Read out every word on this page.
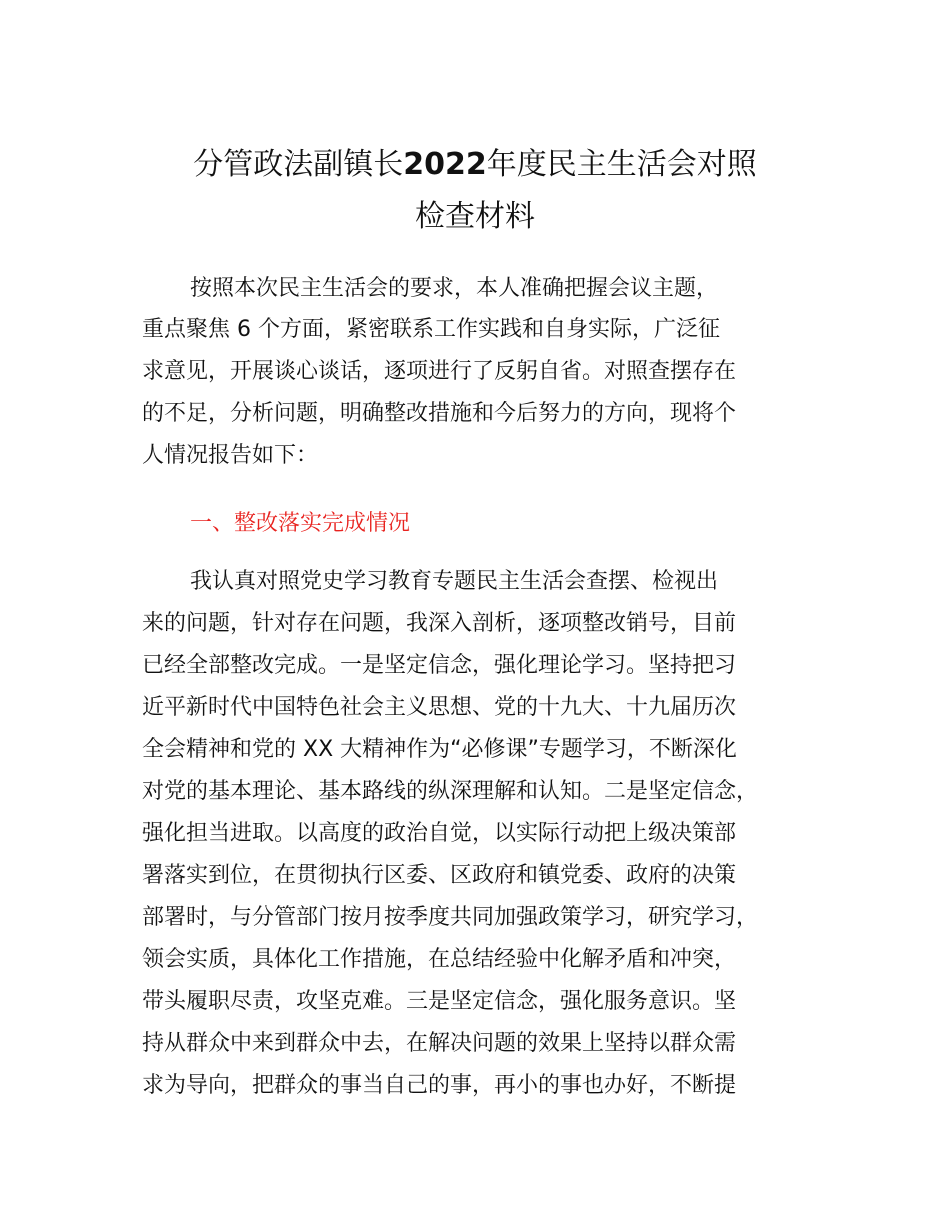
分管政法副镇长2022年度民主生活会对照
检查材料
按照本次民主生活会的要求，本人准确把握会议主题，
重点聚焦 6 个方面，紧密联系工作实践和自身实际，广泛征
求意见，开展谈心谈话，逐项进行了反躬自省。对照查摆存在
的不足，分析问题，明确整改措施和今后努力的方向，现将个
人情况报告如下：
一、整改落实完成情况
我认真对照党史学习教育专题民主生活会查摆、检视出
来的问题，针对存在问题，我深入剖析，逐项整改销号，目前
已经全部整改完成。一是坚定信念，强化理论学习。坚持把习
近平新时代中国特色社会主义思想、党的十九大、十九届历次
全会精神和党的 XX 大精神作为“必修课”专题学习，不断深化
对党的基本理论、基本路线的纵深理解和认知。二是坚定信念，
强化担当进取。以高度的政治自觉，以实际行动把上级决策部
署落实到位，在贯彻执行区委、区政府和镇党委、政府的决策
部署时，与分管部门按月按季度共同加强政策学习，研究学习，
领会实质，具体化工作措施，在总结经验中化解矛盾和冲突，
带头履职尽责，攻坚克难。三是坚定信念，强化服务意识。坚
持从群众中来到群众中去，在解决问题的效果上坚持以群众需
求为导向，把群众的事当自己的事，再小的事也办好，不断提
